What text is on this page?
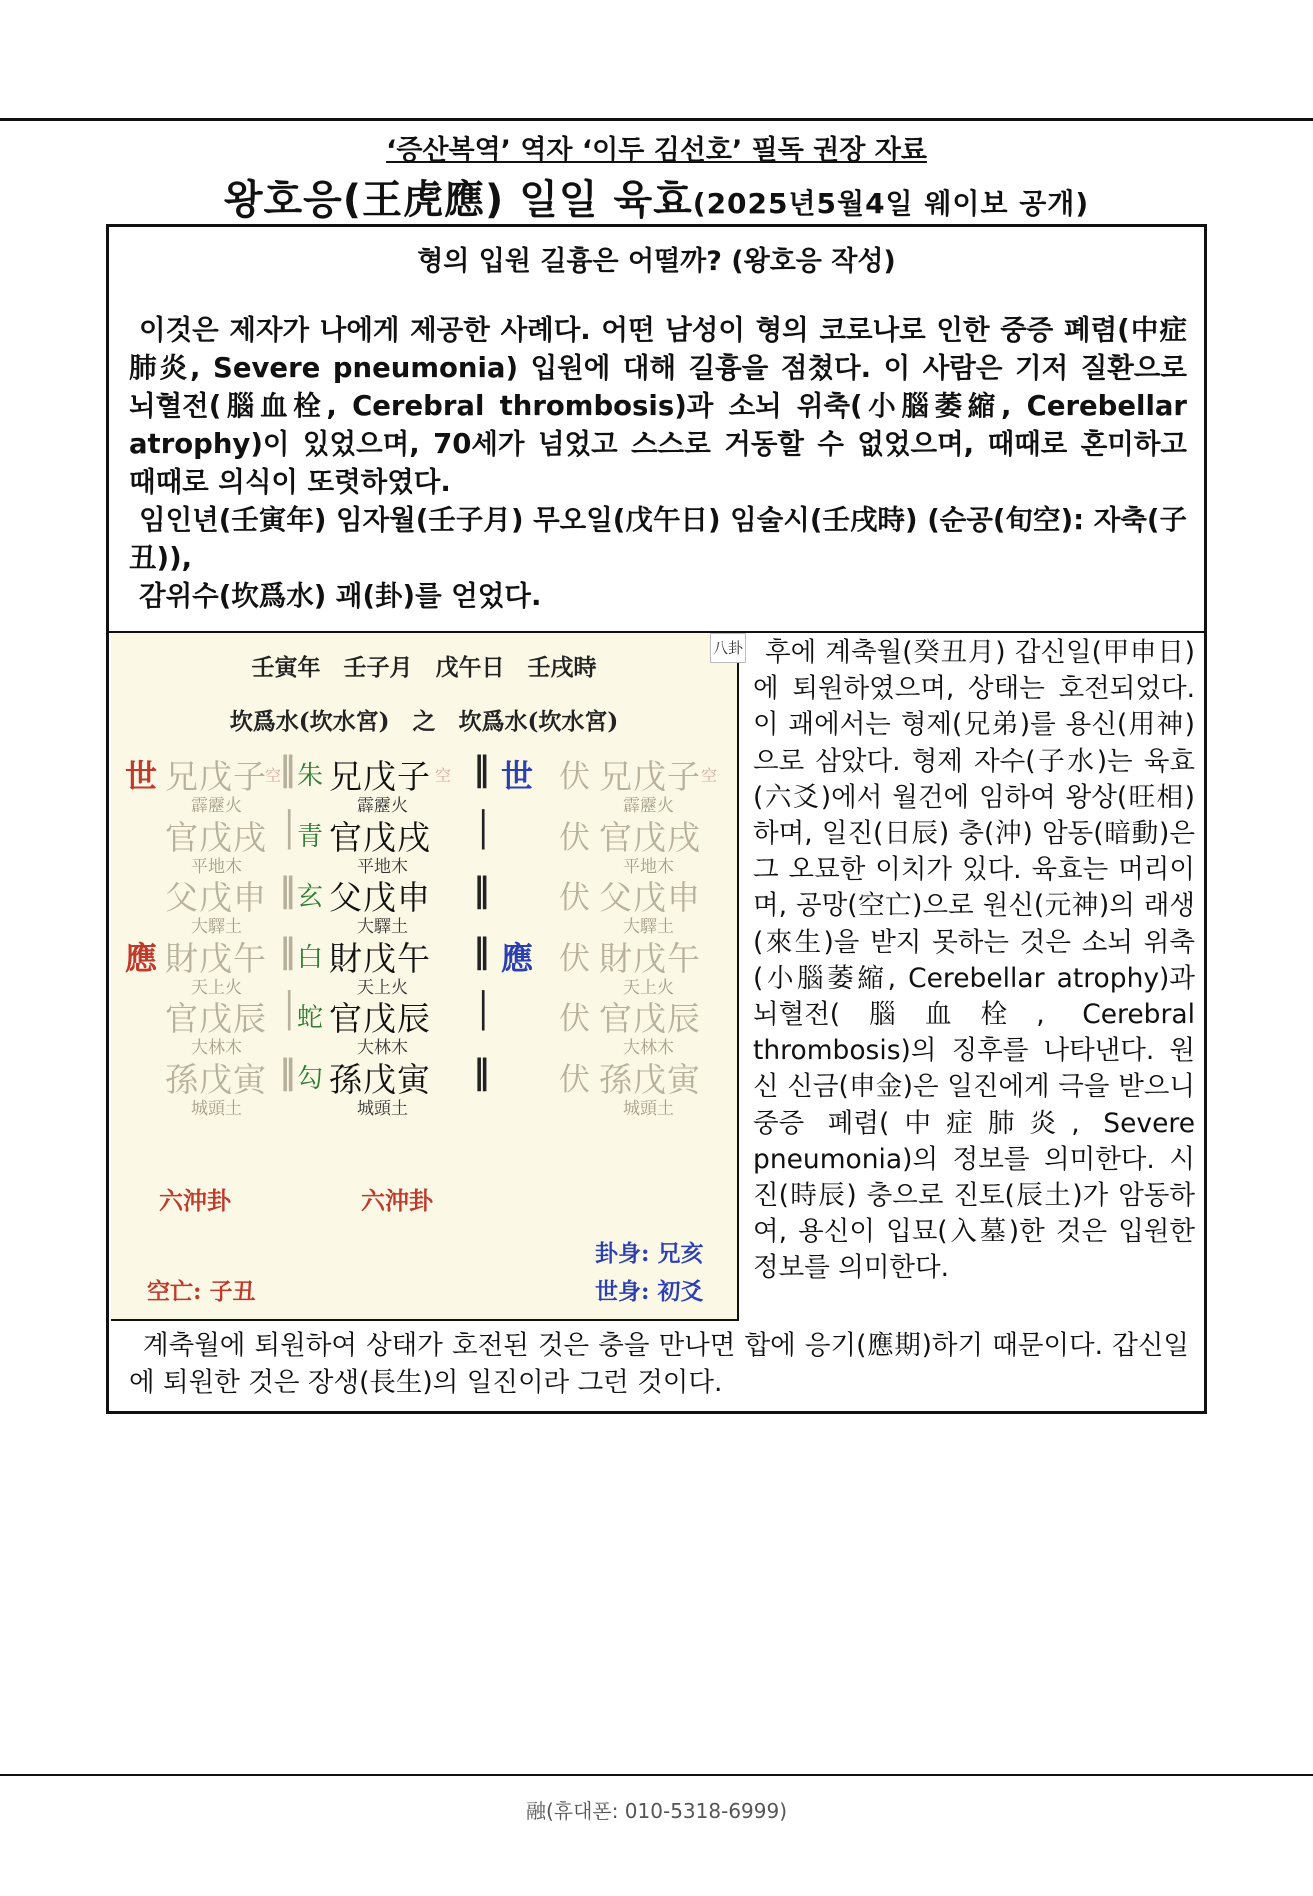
‘증산복역’ 역자 ‘이두 김선호’ 필독 권장 자료
왕호응(王虎應) 일일 육효(2025년5월4일 웨이보 공개)
형의 입원 길흉은 어떨까? (왕호응 작성)

이것은 제자가 나에게 제공한 사례다. 어떤 남성이 형의 코로나로 인한 중증 폐렴(中症肺炎, Severe pneumonia) 입원에 대해 길흉을 점쳤다. 이 사람은 기저 질환으로 뇌혈전(腦血栓, Cerebral thrombosis)과 소뇌 위축(小腦萎縮, Cerebellar atrophy)이 있었으며, 70세가 넘었고 스스로 거동할 수 없었으며, 때때로 혼미하고 때때로 의식이 또렷하였다.

임인년(壬寅年) 임자월(壬子月) 무오일(戊午日) 임술시(壬戌時) (순공(旬空): 자축(子丑)),

감위수(坎爲水) 괘(卦)를 얻었다.

壬寅年　壬子月　戊午日　壬戌時
坎爲水(坎水宮)　之　坎爲水(坎水宮)
世 兄戊子
空
霹靂火
‖ 朱 兄戊子 空
霹靂火
‖ 世 伏 兄戊子 空
霹靂火
官戊戌
平地木
│
青 官戊戌
平地木
│ 伏 官戊戌
平地木
父戊申
大驛土
‖ 玄 父戊申
大驛土
‖ 伏 父戊申
大驛土
應 財戊午
天上火
‖ 白 財戊午
天上火
‖ 應 伏 財戊午
天上火
官戊辰
大林木
│
蛇 官戊辰
大林木
│ 伏 官戊辰
大林木
孫戊寅
城頭土
‖ 勾 孫戊寅
城頭土
‖ 伏 孫戊寅
城頭土
六沖卦	六沖卦
卦身: 兄亥
世身: 初爻
空亡: 子丑
八卦 후에 계축월(癸丑月) 갑신일(甲申日)에 퇴원하였으며, 상태는 호전되었다. 이 괘에서는 형제(兄弟)를 용신(用神)으로 삼았다. 형제 자수(子水)는 육효(六爻)에서 월건에 임하여 왕상(旺相)하며, 일진(日辰) 충(沖) 암동(暗動)은 그 오묘한 이치가 있다. 육효는 머리이며, 공망(空亡)으로 원신(元神)의 래생(來生)을 받지 못하는 것은 소뇌 위축(小腦萎縮, Cerebellar atrophy)과 뇌혈전(腦血栓, Cerebral thrombosis)의 징후를 나타낸다. 원신 신금(申金)은 일진에게 극을 받으니 중증 폐렴(中症肺炎, Severe pneumonia)의 정보를 의미한다. 시진(時辰) 충으로 진토(辰土)가 암동하여, 용신이 입묘(入墓)한 것은 입원한 정보를 의미한다.

계축월에 퇴원하여 상태가 호전된 것은 충을 만나면 합에 응기(應期)하기 때문이다. 갑신일에 퇴원한 것은 장생(長生)의 일진이라 그런 것이다.

融(휴대폰: 010-5318-6999)
